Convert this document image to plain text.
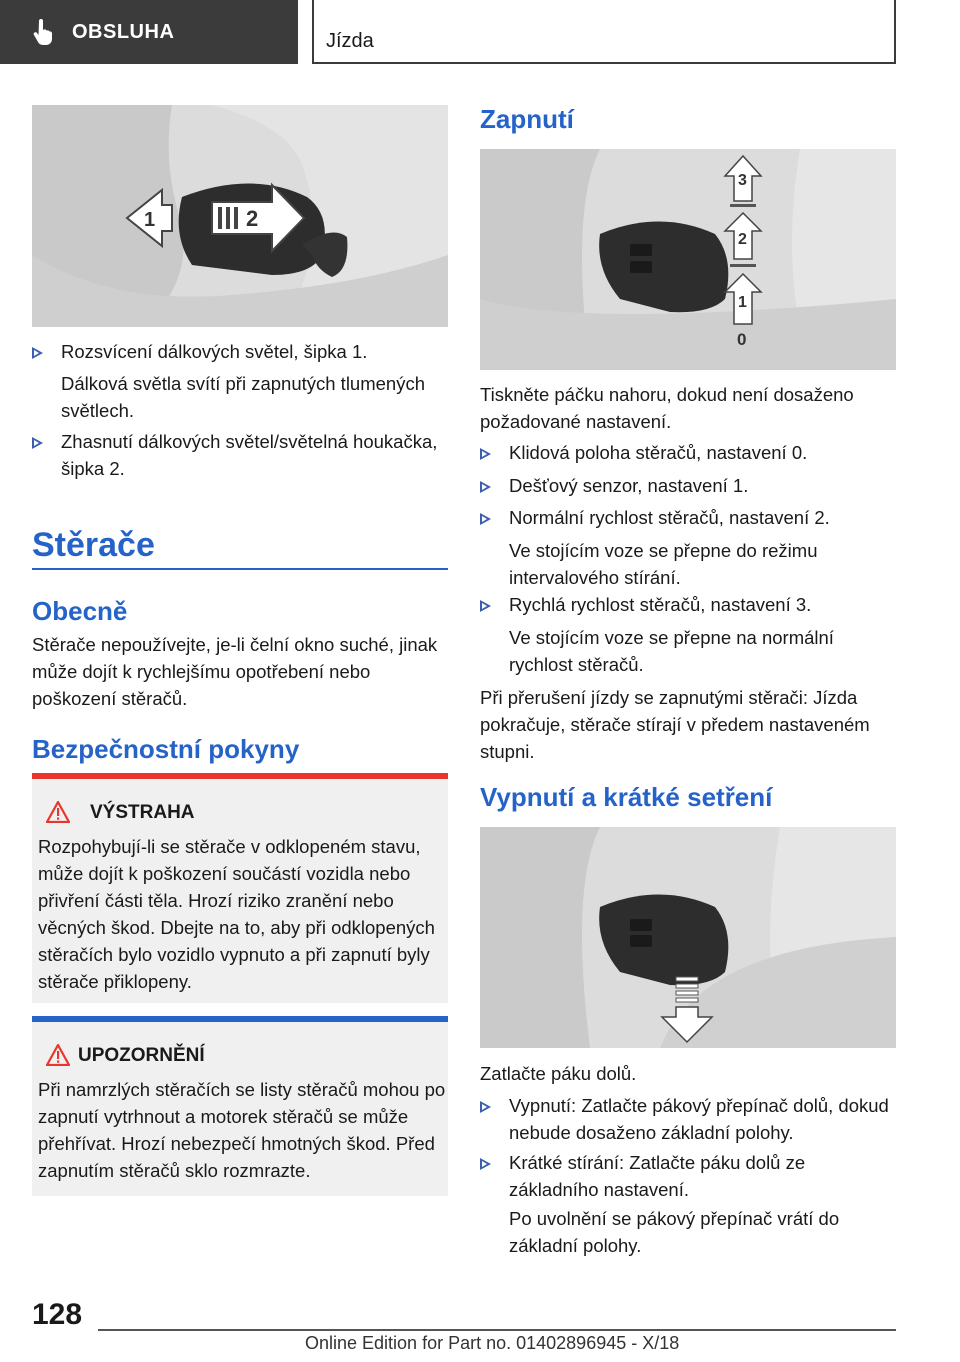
OBSLUHA	Jízda
1	2
Rozsvícení dálkových světel, šipka 1.
Dálková světla svítí při zapnutých tlumených světlech.
Zhasnutí dálkových světel/světelná houkačka, šipka 2.
Stěrače
Obecně
Stěrače nepoužívejte, je-li čelní okno suché, jinak může dojít k rychlejšímu opotřebení nebo poškození stěračů.
Bezpečnostní pokyny
VÝSTRAHA
Rozpohybují-li se stěrače v odklopeném stavu, může dojít k poškození součástí vozidla nebo přivření části těla. Hrozí riziko zranění nebo věcných škod. Dbejte na to, aby při odklopených stěračích bylo vozidlo vypnuto a při zapnutí byly stěrače přiklopeny.
UPOZORNĚNÍ
Při namrzlých stěračích se listy stěračů mohou po zapnutí vytrhnout a motorek stěračů se může přehřívat. Hrozí nebezpečí hmotných škod. Před zapnutím stěračů sklo rozmrazte.
Zapnutí
3
2
1
0
Tiskněte páčku nahoru, dokud není dosaženo požadované nastavení.
Klidová poloha stěračů, nastavení 0.
Dešťový senzor, nastavení 1.
Normální rychlost stěračů, nastavení 2.
Ve stojícím voze se přepne do režimu intervalového stírání.
Rychlá rychlost stěračů, nastavení 3.
Ve stojícím voze se přepne na normální rychlost stěračů.
Při přerušení jízdy se zapnutými stěrači: Jízda pokračuje, stěrače stírají v předem nastaveném stupni.
Vypnutí a krátké setření
Zatlačte páku dolů.
Vypnutí: Zatlačte pákový přepínač dolů, dokud nebude dosaženo základní polohy.
Krátké stírání: Zatlačte páku dolů ze základního nastavení.
Po uvolnění se pákový přepínač vrátí do základní polohy.
128
Online Edition for Part no. 01402896945 - X/18
